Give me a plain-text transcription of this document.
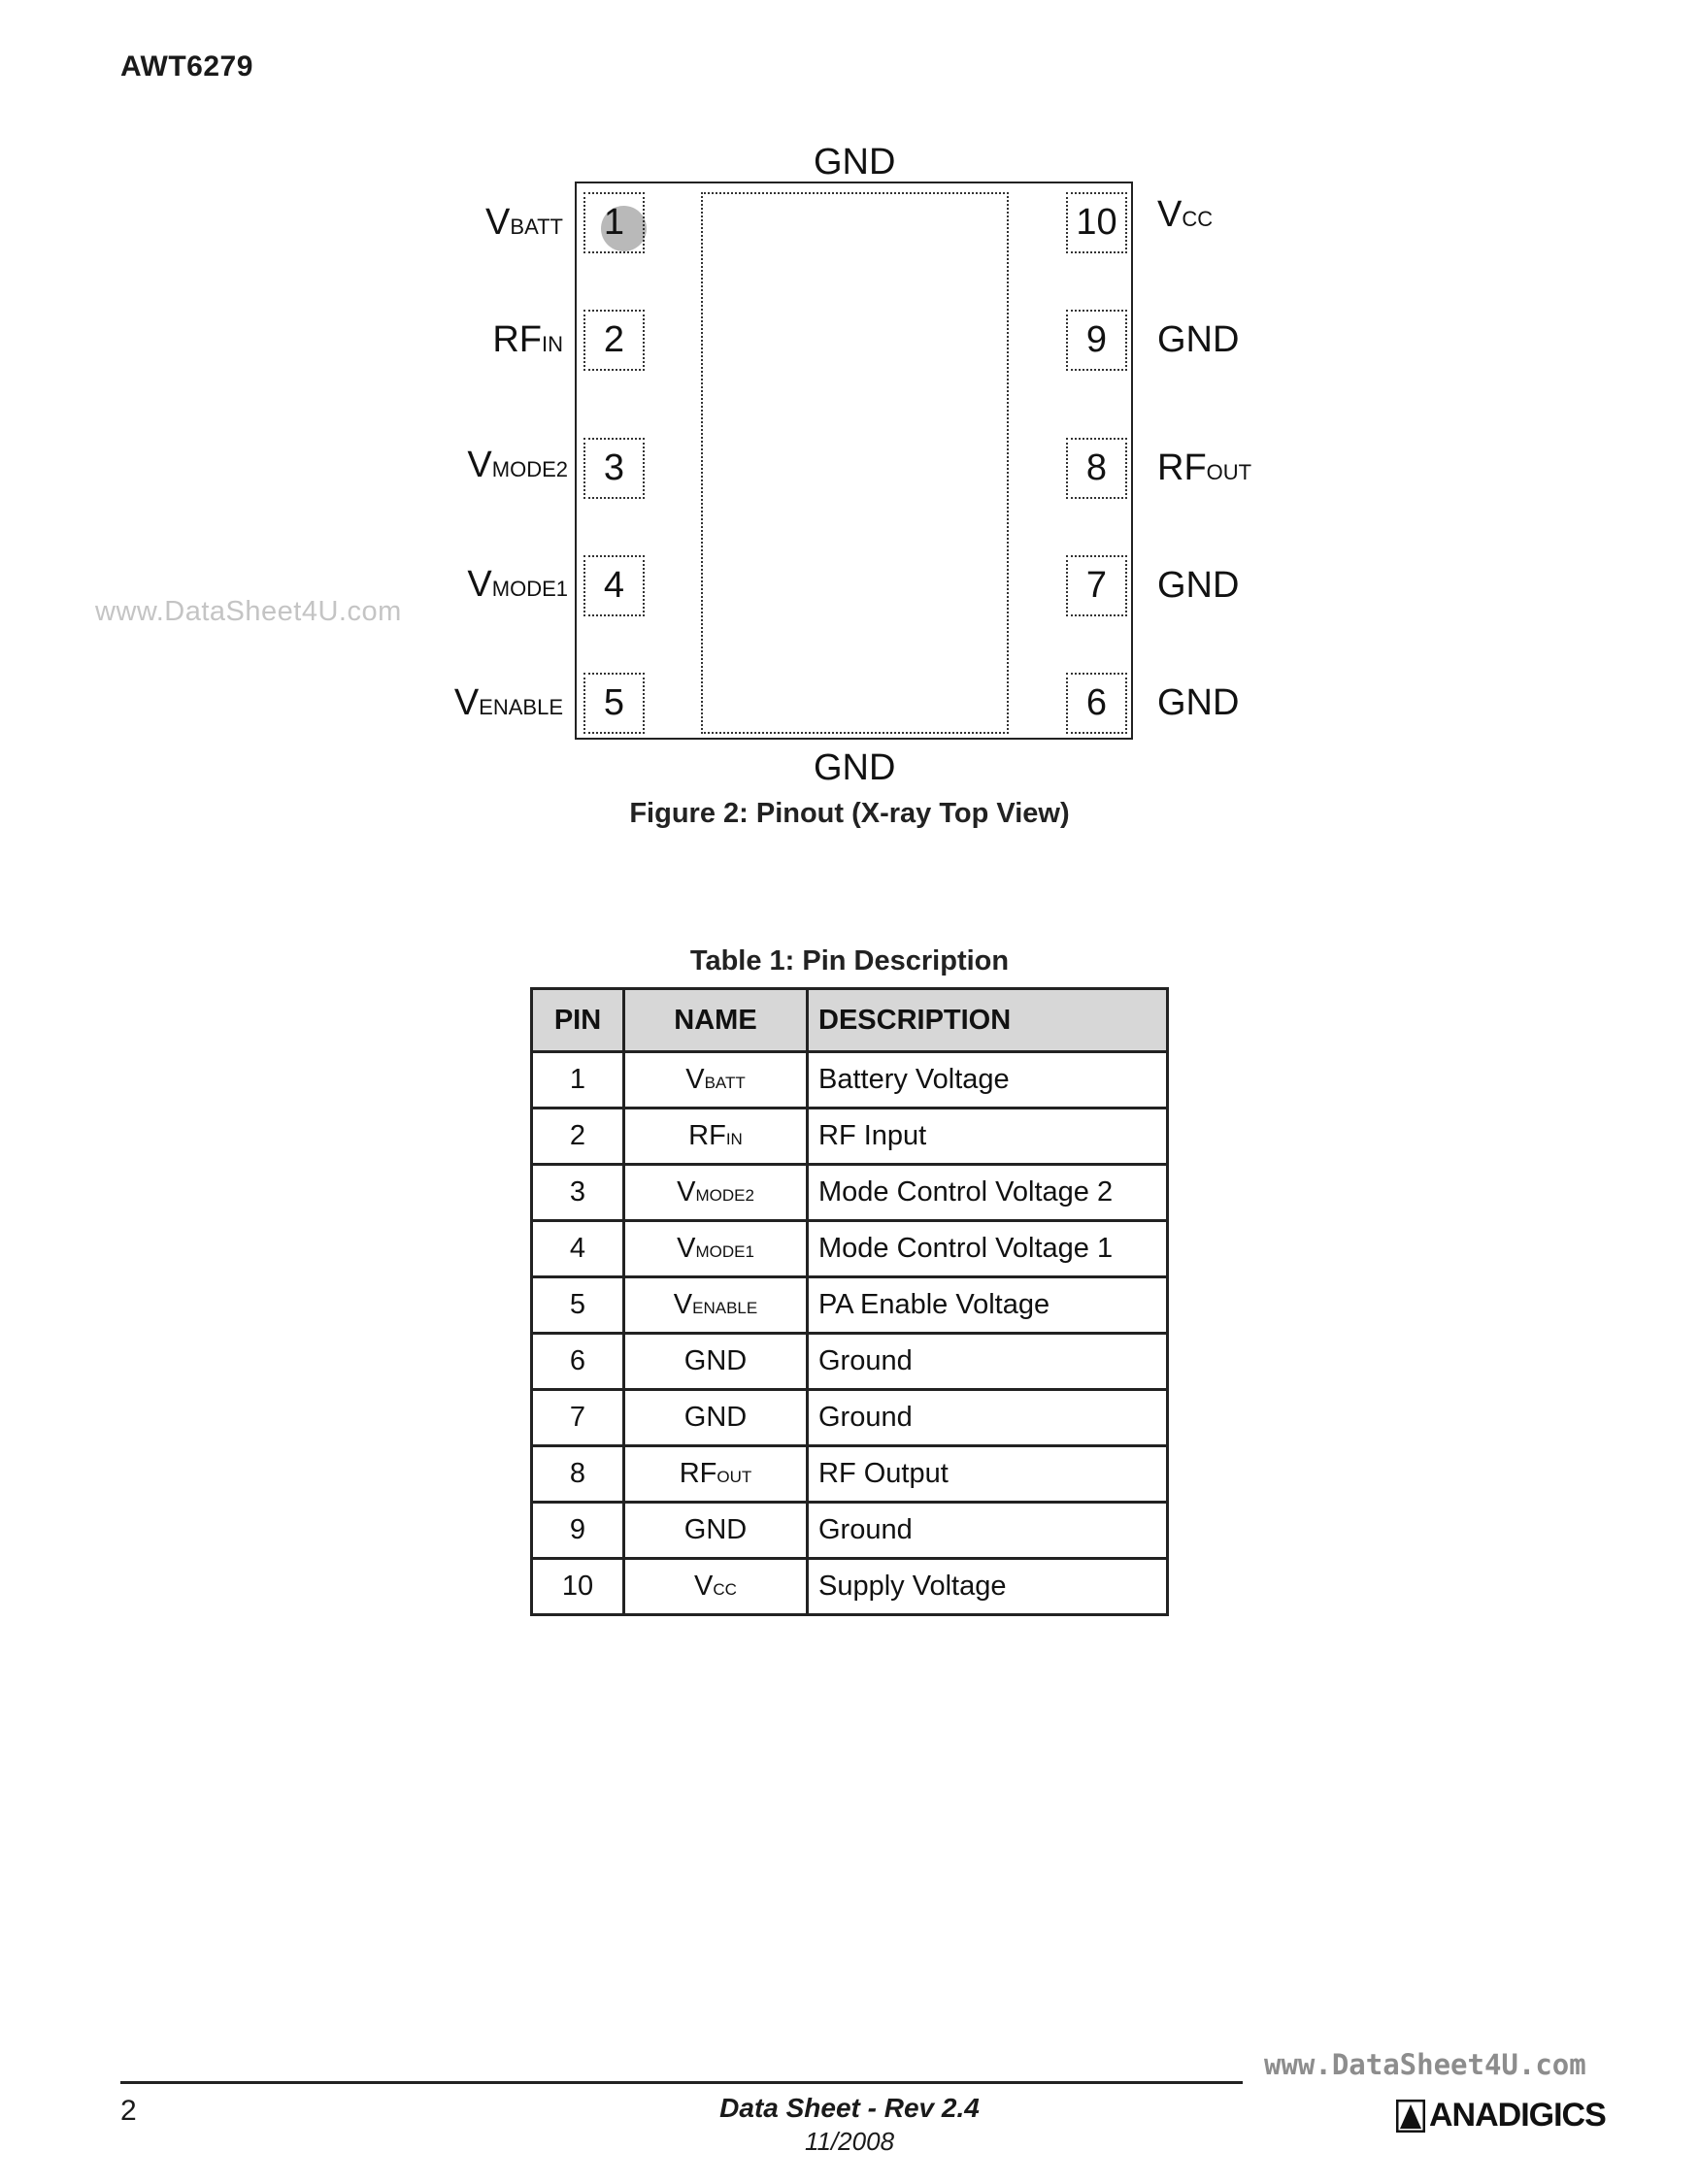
AWT6279
www.DataSheet4U.com
GND
GND
1
2
3
4
5
10
9
8
7
6
VBATT
RFIN
VMODE2
VMODE1
VENABLE
VCC
GND
RFOUT
GND
GND
Figure 2: Pinout (X-ray Top View)
Table 1: Pin Description
PIN	NAME	DESCRIPTION
1	VBATT	Battery Voltage
2	RFIN	RF Input
3	VMODE2	Mode Control Voltage 2
4	VMODE1	Mode Control Voltage 1
5	VENABLE	PA Enable Voltage
6	GND	Ground
7	GND	Ground
8	RFOUT	RF Output
9	GND	Ground
10	VCC	Supply Voltage
www.DataSheet4U.com
2	Data Sheet - Rev 2.4
11/2008
ANADIGICS
